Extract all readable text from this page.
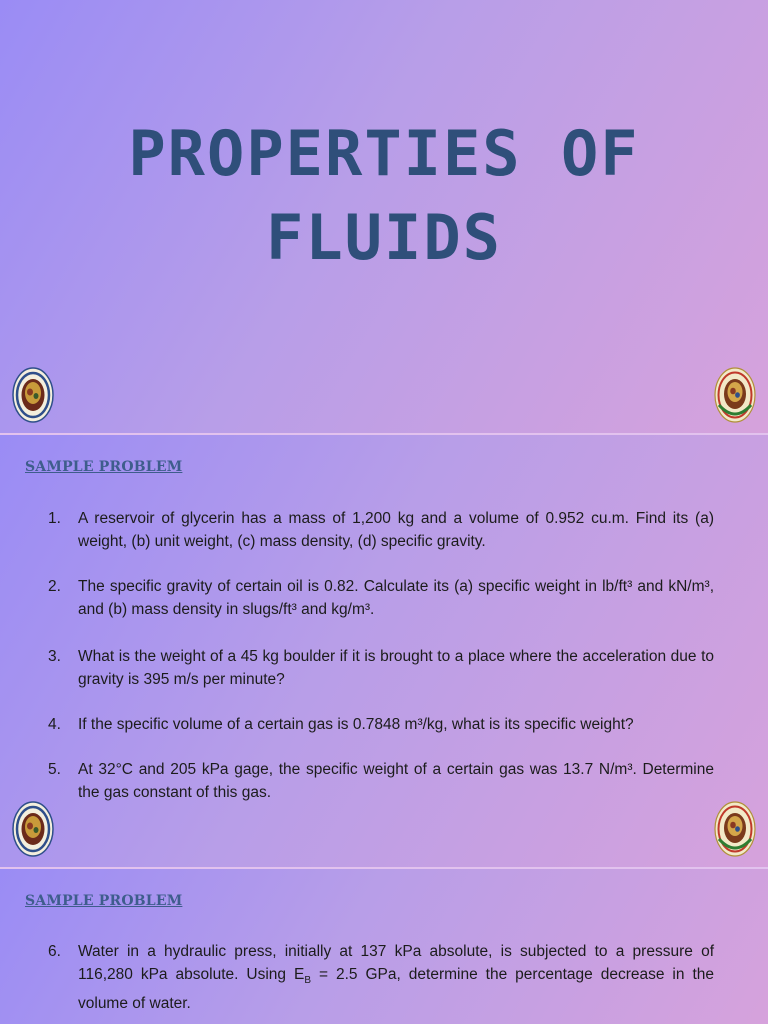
PROPERTIES OF
FLUIDS
SAMPLE PROBLEM
1. A reservoir of glycerin has a mass of 1,200 kg and a volume of 0.952 cu.m. Find its (a) weight, (b) unit weight, (c) mass density, (d) specific gravity.
2. The specific gravity of certain oil is 0.82. Calculate its (a) specific weight in lb/ft³ and kN/m³, and (b) mass density in slugs/ft³ and kg/m³.
3. What is the weight of a 45 kg boulder if it is brought to a place where the acceleration due to gravity is 395 m/s per minute?
4. If the specific volume of a certain gas is 0.7848 m³/kg, what is its specific weight?
5. At 32°C and 205 kPa gage, the specific weight of a certain gas was 13.7 N/m³. Determine the gas constant of this gas.
SAMPLE PROBLEM
6. Water in a hydraulic press, initially at 137 kPa absolute, is subjected to a pressure of 116,280 kPa absolute. Using $E_B = 2.5$ GPa, determine the percentage decrease in the volume of water.
